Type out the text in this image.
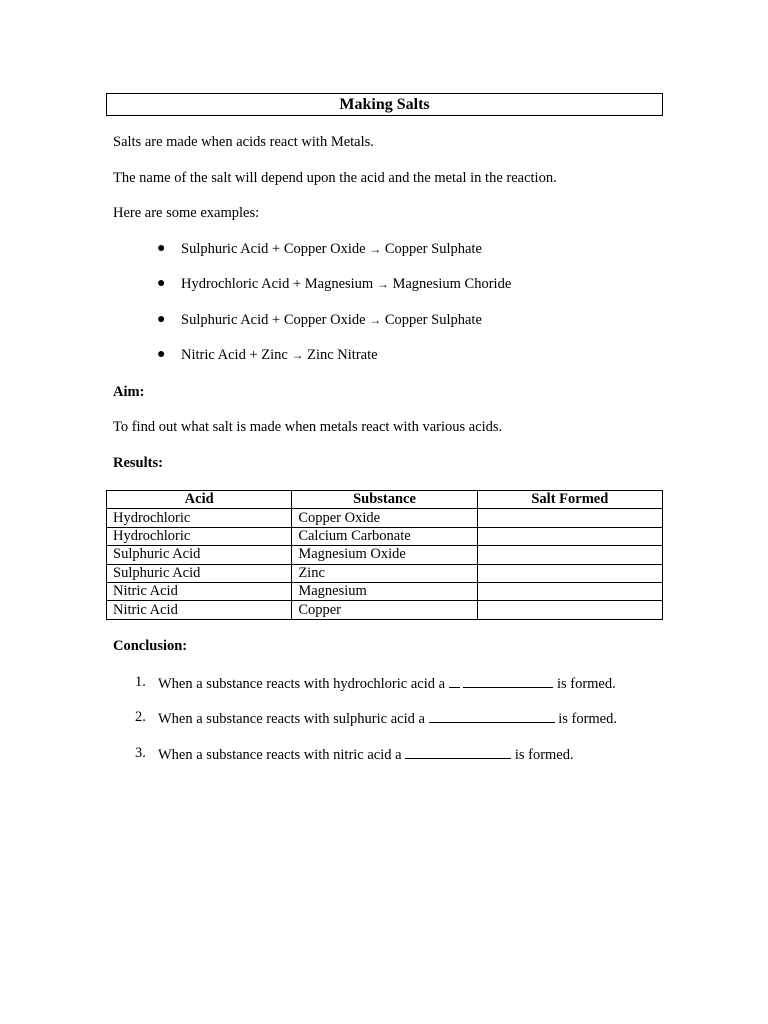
Making Salts

Salts are made when acids react with Metals.

The name of the salt will depend upon the acid and the metal in the reaction.

Here are some examples:

● Sulphuric Acid + Copper Oxide → Copper Sulphate
● Hydrochloric Acid + Magnesium → Magnesium Choride
● Sulphuric Acid + Copper Oxide → Copper Sulphate
● Nitric Acid + Zinc → Zinc Nitrate

Aim:

To find out what salt is made when metals react with various acids.

Results:

Acid	Substance	Salt Formed
Hydrochloric	Copper Oxide	
Hydrochloric	Calcium Carbonate	
Sulphuric Acid	Magnesium Oxide	
Sulphuric Acid	Zinc	
Nitric Acid	Magnesium	
Nitric Acid	Copper	

Conclusion:

1. When a substance reacts with hydrochloric acid a	is formed.
2. When a substance reacts with sulphuric acid a	is formed.
3. When a substance reacts with nitric acid a	is formed.
